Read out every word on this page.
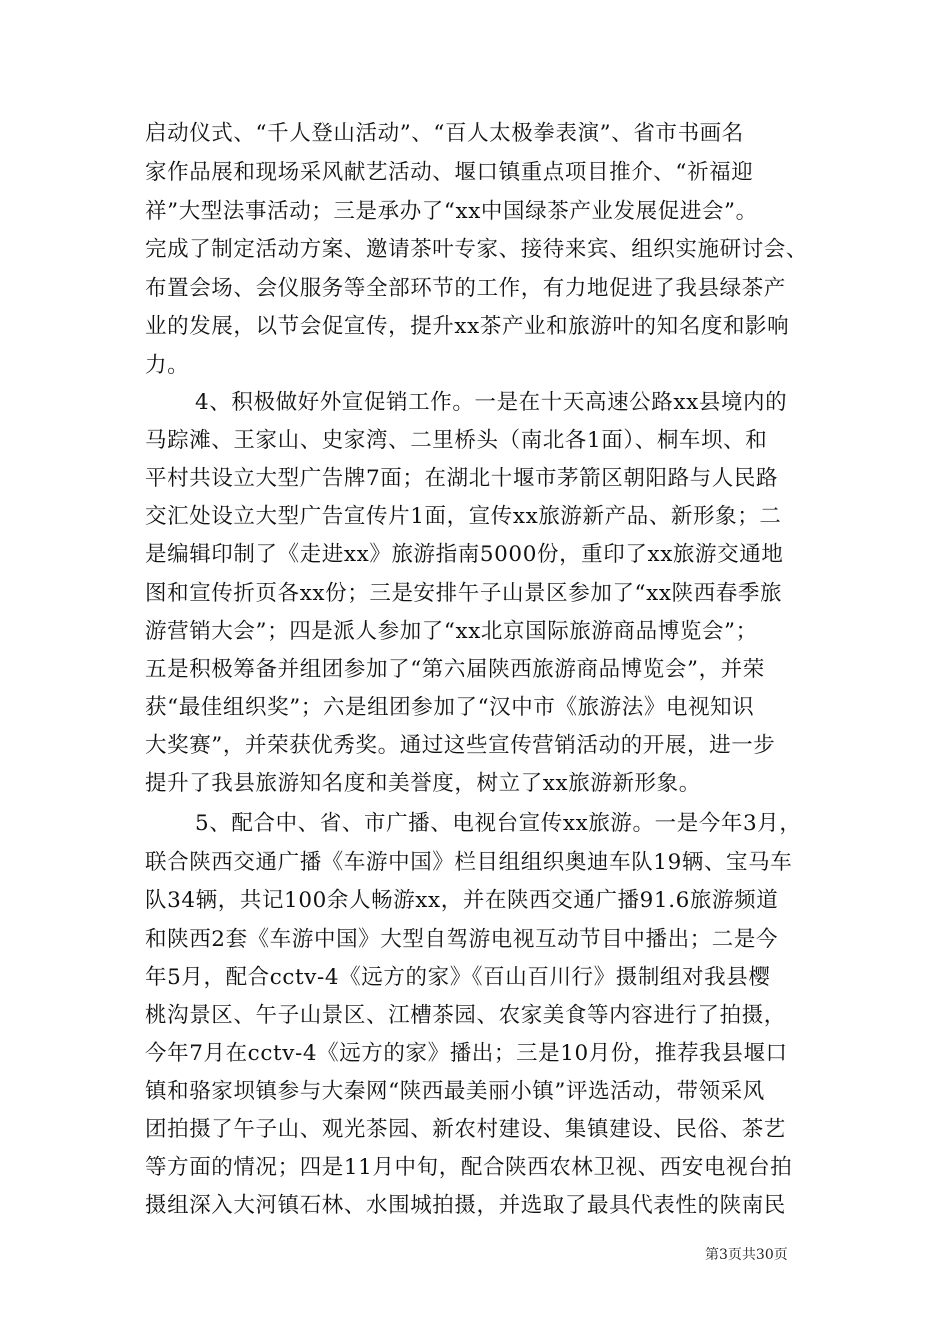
启动仪式、“千人登山活动”、“百人太极拳表演”、省市书画名
家作品展和现场采风献艺活动、堰口镇重点项目推介、“祈福迎
祥”大型法事活动；三是承办了“xx中国绿茶产业发展促进会”。
完成了制定活动方案、邀请茶叶专家、接待来宾、组织实施研讨会、
布置会场、会仪服务等全部环节的工作，有力地促进了我县绿茶产
业的发展，以节会促宣传，提升xx茶产业和旅游叶的知名度和影响
力。
4、积极做好外宣促销工作。一是在十天高速公路xx县境内的
马踪滩、王家山、史家湾、二里桥头（南北各1面）、桐车坝、和
平村共设立大型广告牌7面；在湖北十堰市茅箭区朝阳路与人民路
交汇处设立大型广告宣传片1面，宣传xx旅游新产品、新形象；二
是编辑印制了《走进xx》旅游指南5000份，重印了xx旅游交通地
图和宣传折页各xx份；三是安排午子山景区参加了“xx陕西春季旅
游营销大会”；四是派人参加了“xx北京国际旅游商品博览会”；
五是积极筹备并组团参加了“第六届陕西旅游商品博览会”，并荣
获“最佳组织奖”；六是组团参加了“汉中市《旅游法》电视知识
大奖赛”，并荣获优秀奖。通过这些宣传营销活动的开展，进一步
提升了我县旅游知名度和美誉度，树立了xx旅游新形象。
5、配合中、省、市广播、电视台宣传xx旅游。一是今年3月，
联合陕西交通广播《车游中国》栏目组组织奥迪车队19辆、宝马车
队34辆，共记100余人畅游xx，并在陕西交通广播91.6旅游频道
和陕西2套《车游中国》大型自驾游电视互动节目中播出；二是今
年5月，配合cctv-4《远方的家》《百山百川行》摄制组对我县樱
桃沟景区、午子山景区、江槽茶园、农家美食等内容进行了拍摄，
今年7月在cctv-4《远方的家》播出；三是10月份，推荐我县堰口
镇和骆家坝镇参与大秦网“陕西最美丽小镇”评选活动，带领采风
团拍摄了午子山、观光茶园、新农村建设、集镇建设、民俗、茶艺
等方面的情况；四是11月中旬，配合陕西农林卫视、西安电视台拍
摄组深入大河镇石林、水围城拍摄，并选取了最具代表性的陕南民
第3页共30页
